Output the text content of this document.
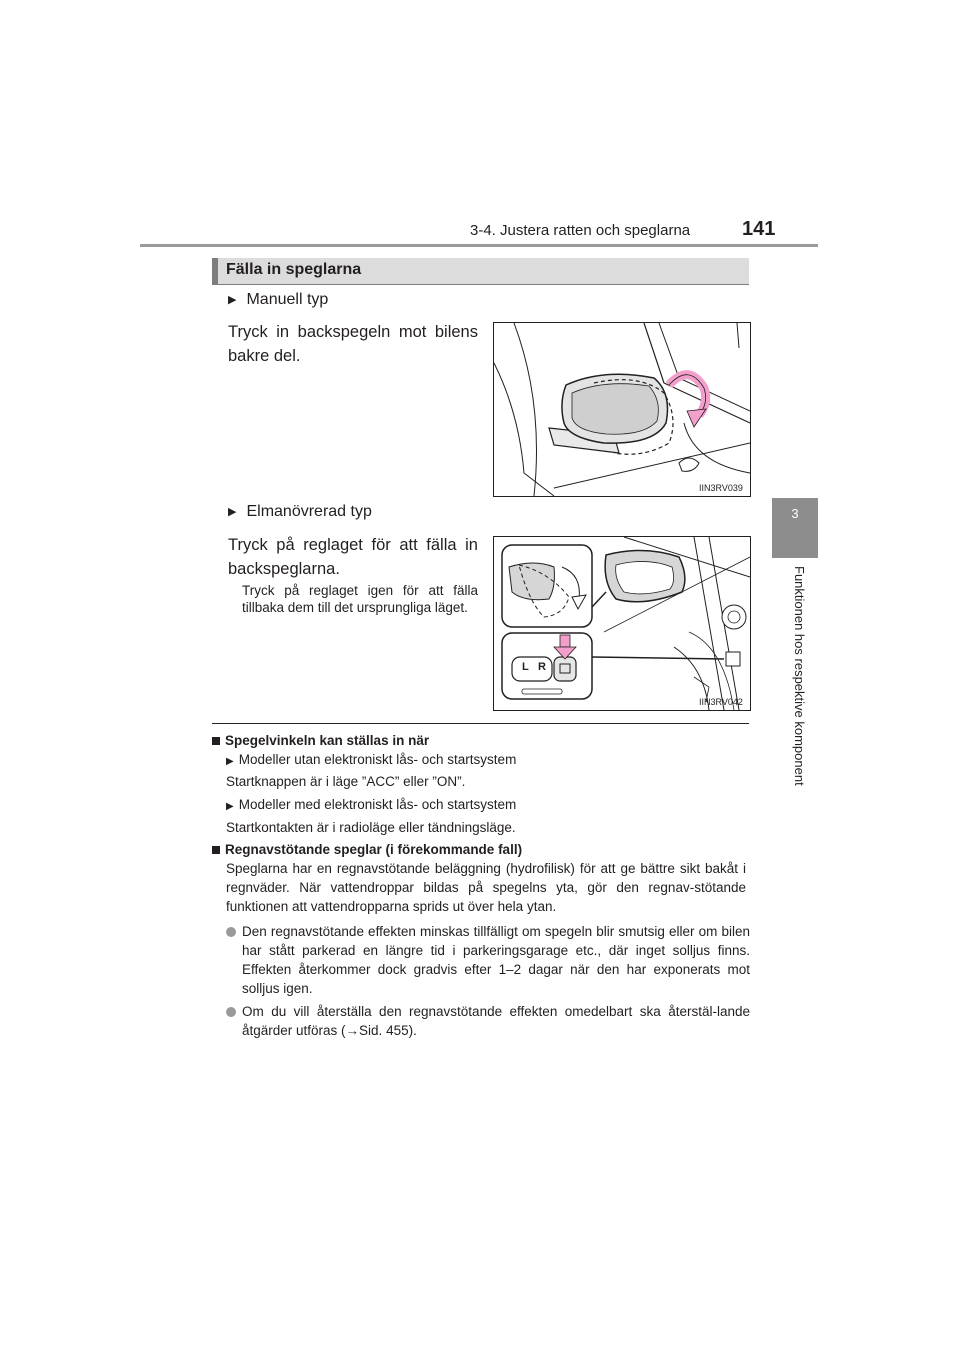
3-4. Justera ratten och speglarna	141
3
Funktionen hos respektive komponent
Fälla in speglarna
▶ Manuell typ
Tryck in backspegeln mot bilens bakre del.
IIN3RV039
▶ Elmanövrerad typ
Tryck på reglaget för att fälla in backspeglarna.
Tryck på reglaget igen för att fälla tillbaka dem till det ursprungliga läget.
L R
IIN3RV042
Spegelvinkeln kan ställas in när
▶ Modeller utan elektroniskt lås- och startsystem
Startknappen är i läge ”ACC” eller ”ON”.
▶ Modeller med elektroniskt lås- och startsystem
Startkontakten är i radioläge eller tändningsläge.
Regnavstötande speglar (i förekommande fall)
Speglarna har en regnavstötande beläggning (hydrofilisk) för att ge bättre sikt bakåt i regnväder. När vattendroppar bildas på spegelns yta, gör den regnav-stötande funktionen att vattendropparna sprids ut över hela ytan.
Den regnavstötande effekten minskas tillfälligt om spegeln blir smutsig eller om bilen har stått parkerad en längre tid i parkeringsgarage etc., där inget solljus finns. Effekten återkommer dock gradvis efter 1–2 dagar när den har exponerats mot solljus igen.
Om du vill återställa den regnavstötande effekten omedelbart ska återstäl-lande åtgärder utföras (→Sid. 455).
